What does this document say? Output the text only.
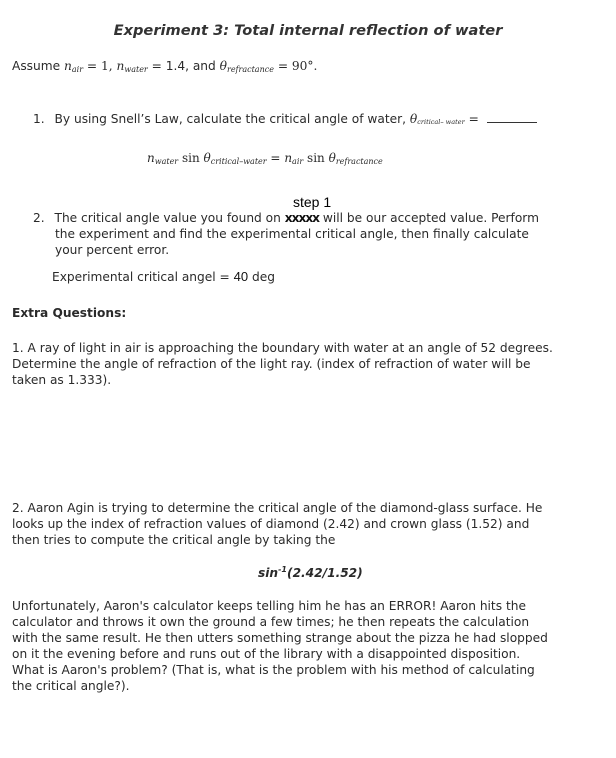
Experiment 3: Total internal reflection of water
Assume $n_{air} = 1$, $n_{water} = 1.4$, and $\theta_{refractance} = 90^\circ$.
1. By using Snell’s Law, calculate the critical angle of water, $\theta_{critical- water}$ =
$n_{water}$ $\sin \theta_{critical-water} = n_{air}$ $\sin \theta_{refractance}$
step 1
2. The critical angle value you found on xxxxx will be our accepted value. Perform
the experiment and find the experimental critical angle, then finally calculate
your percent error.
Experimental critical angel = 40 deg
Extra Questions:
1. A ray of light in air is approaching the boundary with water at an angle of 52 degrees.
Determine the angle of refraction of the light ray. (index of refraction of water will be
taken as 1.333).
2. Aaron Agin is trying to determine the critical angle of the diamond-glass surface. He
looks up the index of refraction values of diamond (2.42) and crown glass (1.52) and
then tries to compute the critical angle by taking the
$\sin^{-1}(2.42/1.52)$
Unfortunately, Aaron's calculator keeps telling him he has an ERROR! Aaron hits the
calculator and throws it own the ground a few times; he then repeats the calculation
with the same result. He then utters something strange about the pizza he had slopped
on it the evening before and runs out of the library with a disappointed disposition.
What is Aaron's problem? (That is, what is the problem with his method of calculating
the critical angle?).
